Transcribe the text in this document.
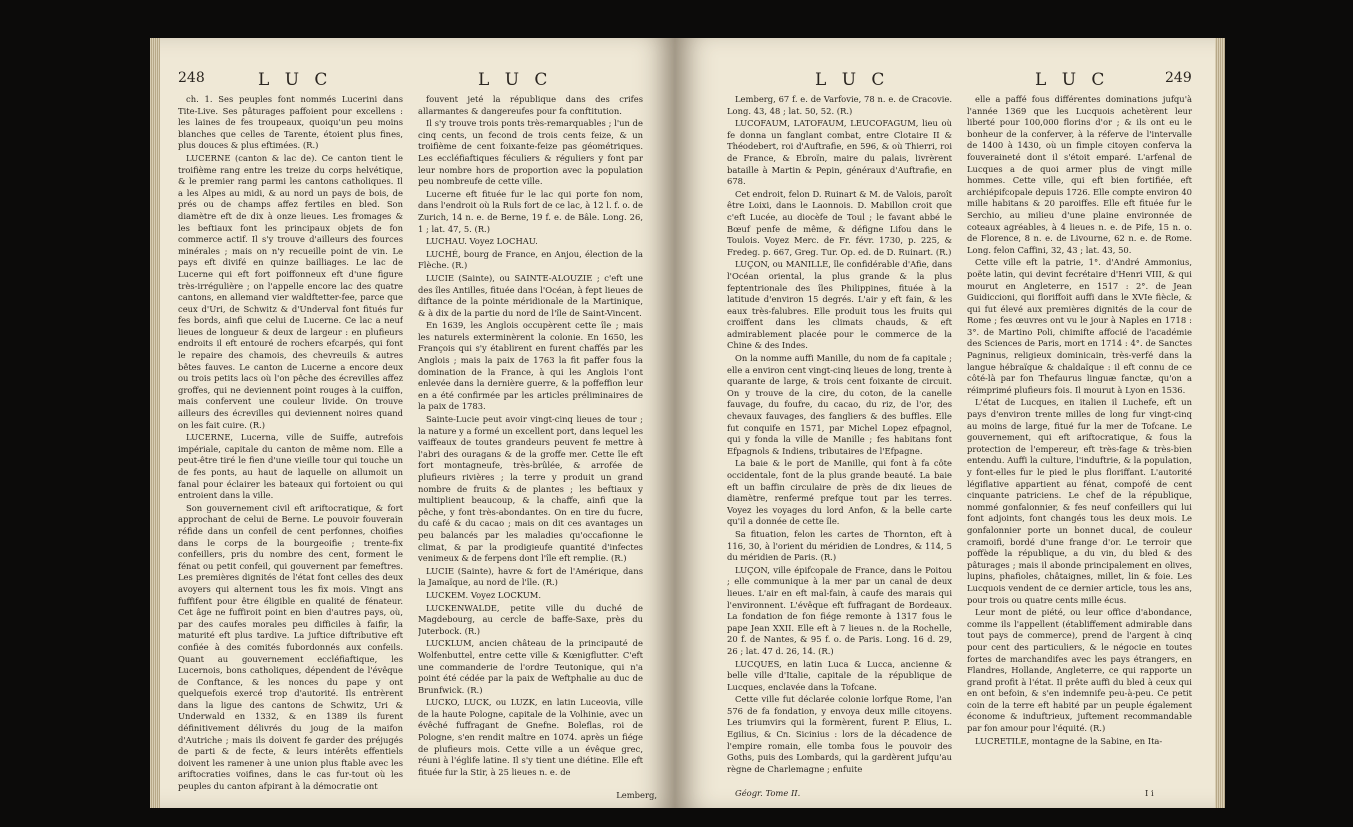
248	L U C	L U C

ch. 1. Ses peuples font nommés Lucerini dans Tite-Live. Ses pâturages paffoient pour excellens : les laines de fes troupeaux, quoiqu'un peu moins blanches que celles de Tarente, étoient plus fines, plus douces & plus eftimées. (R.)

LUCERNE (canton & lac de). Ce canton tient le troifième rang entre les treize du corps helvétique, & le premier rang parmi les cantons catholiques. Il a les Alpes au midi, & au nord un pays de bois, de prés ou de champs affez fertiles en bled. Son diamètre eft de dix à onze lieues. Les fromages & les beftiaux font les principaux objets de fon commerce actif. Il s'y trouve d'ailleurs des fources minérales ; mais on n'y recueille point de vin. Le pays eft divifé en quinze bailliages. Le lac de Lucerne qui eft fort poiffonneux eft d'une figure très-irrégulière ; on l'appelle encore lac des quatre cantons, en allemand vier waldftetter-fee, parce que ceux d'Uri, de Schwitz & d'Underval font fitués fur fes bords, ainfi que celui de Lucerne. Ce lac a neuf lieues de longueur & deux de largeur : en plufieurs endroits il eft entouré de rochers efcarpés, qui font le repaire des chamois, des chevreuils & autres bêtes fauves. Le canton de Lucerne a encore deux ou trois petits lacs où l'on pêche des écrevilles affez groffes, qui ne deviennent point rouges à la cuiffon, mais confervent une couleur livide. On trouve ailleurs des écrevilles qui deviennent noires quand on les fait cuire. (R.)

LUCERNE, Lucerna, ville de Suiffe, autrefois impériale, capitale du canton de même nom. Elle a peut-être tiré le fien d'une vieille tour qui touche un de fes ponts, au haut de laquelle on allumoit un fanal pour éclairer les bateaux qui fortoient ou qui entroient dans la ville.

Son gouvernement civil eft ariftocratique, & fort approchant de celui de Berne. Le pouvoir fouverain réfide dans un confeil de cent perfonnes, choifies dans le corps de la bourgeoifie ; trente-fix confeillers, pris du nombre des cent, forment le fénat ou petit confeil, qui gouvernent par femeftres. Les premières dignités de l'état font celles des deux avoyers qui alternent tous les fix mois. Vingt ans fuffifent pour être éligible en qualité de fénateur. Cet âge ne fuffiroit point en bien d'autres pays, où, par des caufes morales peu difficiles à faifir, la maturité eft plus tardive. La juftice diftributive eft confiée à des comités fubordonnés aux confeils. Quant au gouvernement eccléfiaftique, les Lucernois, bons catholiques, dépendent de l'évêque de Conftance, & les nonces du pape y ont quelquefois exercé trop d'autorité. Ils entrèrent dans la ligue des cantons de Schwitz, Uri & Underwald en 1332, & en 1389 ils furent définitivement délivrés du joug de la maifon d'Autriche ; mais ils doivent fe garder des préjugés de parti & de fecte, & leurs intérêts effentiels doivent les ramener à une union plus ftable avec les ariftocraties voifines, dans le cas fur-tout où les peuples du canton afpirant à la démocratie ont

fouvent jeté la république dans des crifes allarmantes & dangereufes pour fa conftitution.

Il s'y trouve trois ponts très-remarquables ; l'un de cinq cents, un fecond de trois cents feize, & un troifième de cent foixante-feize pas géométriques. Les eccléfiaftiques féculiers & réguliers y font par leur nombre hors de proportion avec la population peu nombreufe de cette ville.

Lucerne eft fituée fur le lac qui porte fon nom, dans l'endroit où la Ruls fort de ce lac, à 12 l. f. o. de Zurich, 14 n. e. de Berne, 19 f. e. de Bâle. Long. 26, 1 ; lat. 47, 5. (R.)

LUCHAU. Voyez LOCHAU.

LUCHÉ, bourg de France, en Anjou, élection de la Flèche. (R.)

LUCIE (Sainte), ou SAINTE-ALOUZIE ; c'eft une des îles Antilles, fituée dans l'Océan, à fept lieues de diftance de la pointe méridionale de la Martinique, & à dix de la partie du nord de l'île de Saint-Vincent.

En 1639, les Anglois occupèrent cette île ; mais les naturels exterminèrent la colonie. En 1650, les François qui s'y établirent en furent chaffés par les Anglois ; mais la paix de 1763 la fit paffer fous la domination de la France, à qui les Anglois l'ont enlevée dans la dernière guerre, & la poffeffion leur en a été confirmée par les articles préliminaires de la paix de 1783.

Sainte-Lucie peut avoir vingt-cinq lieues de tour ; la nature y a formé un excellent port, dans lequel les vaiffeaux de toutes grandeurs peuvent fe mettre à l'abri des ouragans & de la groffe mer. Cette île eft fort montagneufe, très-brûlée, & arrofée de plufieurs rivières ; la terre y produit un grand nombre de fruits & de plantes ; les beftiaux y multiplient beaucoup, & la chaffe, ainfi que la pêche, y font très-abondantes. On en tire du fucre, du café & du cacao ; mais on dit ces avantages un peu balancés par les maladies qu'occafionne le climat, & par la prodigieufe quantité d'infectes venimeux & de ferpens dont l'île eft remplie. (R.)

LUCIE (Sainte), havre & fort de l'Amérique, dans la Jamaïque, au nord de l'île. (R.)

LUCKEM. Voyez LOCKUM.

LUCKENWALDE, petite ville du duché de Magdebourg, au cercle de baffe-Saxe, près du Juterbock. (R.)

LUCKLUM, ancien château de la principauté de Wolfenbuttel, entre cette ville & Kœnigflutter. C'eft une commanderie de l'ordre Teutonique, qui n'a point été cédée par la paix de Weftphalie au duc de Brunfwick. (R.)

LUCKO, LUCK, ou LUZK, en latin Luceovia, ville de la haute Pologne, capitale de la Volhinie, avec un évêché fuffragant de Gnefne. Boleflas, roi de Pologne, s'en rendit maître en 1074. après un fiége de plufieurs mois. Cette ville a un évêque grec, réuni à l'églife latine. Il s'y tient une diétine. Elle eft fituée fur la Stir, à 25 lieues n. e. de

Lemberg,
L U C	L U C	249

Lemberg, 67 f. e. de Varfovie, 78 n. e. de Cracovie. Long. 43, 48 ; lat. 50, 52. (R.)

LUCOFAUM, LATOFAUM, LEUCOFAGUM, lieu où fe donna un fanglant combat, entre Clotaire II & Théodebert, roi d'Auftrafie, en 596, & où Thierri, roi de France, & Ebroïn, maire du palais, livrèrent bataille à Martin & Pepin, généraux d'Auftrafie, en 678.

Cet endroit, felon D. Ruinart & M. de Valois, paroît être Loixi, dans le Laonnois. D. Mabillon croit que c'eft Lucée, au diocèfe de Toul ; le favant abbé le Bœuf penfe de même, & défigne Lifou dans le Toulois. Voyez Merc. de Fr. févr. 1730, p. 225, & Fredeg. p. 667, Greg. Tur. Op. ed. de D. Ruinart. (R.)

LUÇON, ou MANILLE, île confidérable d'Afie, dans l'Océan oriental, la plus grande & la plus feptentrionale des îles Philippines, fituée à la latitude d'environ 15 degrés. L'air y eft fain, & les eaux très-falubres. Elle produit tous les fruits qui croiffent dans les climats chauds, & eft admirablement placée pour le commerce de la Chine & des Indes.

On la nomme auffi Manille, du nom de fa capitale ; elle a environ cent vingt-cinq lieues de long, trente à quarante de large, & trois cent foixante de circuit. On y trouve de la cire, du coton, de la canelle fauvage, du foufre, du cacao, du riz, de l'or, des chevaux fauvages, des fangliers & des buffles. Elle fut conquife en 1571, par Michel Lopez efpagnol, qui y fonda la ville de Manille ; fes habitans font Efpagnols & Indiens, tributaires de l'Efpagne.

La baie & le port de Manille, qui font à fa côte occidentale, font de la plus grande beauté. La baie eft un baffin circulaire de près de dix lieues de diamètre, renfermé prefque tout par les terres. Voyez les voyages du lord Anfon, & la belle carte qu'il a donnée de cette île.

Sa fituation, felon les cartes de Thornton, eft à 116, 30, à l'orient du méridien de Londres, & 114, 5 du méridien de Paris. (R.)

LUÇON, ville épifcopale de France, dans le Poitou ; elle communique à la mer par un canal de deux lieues. L'air en eft mal-fain, à caufe des marais qui l'environnent. L'évêque eft fuffragant de Bordeaux. La fondation de fon fiége remonte à 1317 fous le pape Jean XXII. Elle eft à 7 lieues n. de la Rochelle, 20 f. de Nantes, & 95 f. o. de Paris. Long. 16 d. 29, 26 ; lat. 47 d. 26, 14. (R.)

LUCQUES, en latin Luca & Lucca, ancienne & belle ville d'Italie, capitale de la république de Lucques, enclavée dans la Tofcane.

Cette ville fut déclarée colonie lorfque Rome, l'an 576 de fa fondation, y envoya deux mille citoyens. Les triumvirs qui la formèrent, furent P. Elius, L. Egilius, & Cn. Sicinius : lors de la décadence de l'empire romain, elle tomba fous le pouvoir des Goths, puis des Lombards, qui la gardèrent jufqu'au règne de Charlemagne ; enfuite

elle a paffé fous différentes dominations jufqu'à l'année 1369 que les Lucquois achetèrent leur liberté pour 100,000 florins d'or ; & ils ont eu le bonheur de la conferver, à la réferve de l'intervalle de 1400 à 1430, où un fimple citoyen conferva la fouveraineté dont il s'étoit emparé. L'arfenal de Lucques a de quoi armer plus de vingt mille hommes. Cette ville, qui eft bien fortifiée, eft archiépifcopale depuis 1726. Elle compte environ 40 mille habitans & 20 paroiffes. Elle eft fituée fur le Serchio, au milieu d'une plaine environnée de coteaux agréables, à 4 lieues n. e. de Pife, 15 n. o. de Florence, 8 n. e. de Livourne, 62 n. e. de Rome. Long. felon Caffini, 32, 43 ; lat. 43, 50.

Cette ville eft la patrie, 1°. d'André Ammonius, poëte latin, qui devint fecrétaire d'Henri VIII, & qui mourut en Angleterre, en 1517 : 2°. de Jean Guidiccioni, qui floriffoit auffi dans le XVIe fiècle, & qui fut élevé aux premières dignités de la cour de Rome ; fes œuvres ont vu le jour à Naples en 1718 : 3°. de Martino Poli, chimifte affocié de l'académie des Sciences de Paris, mort en 1714 : 4°. de Sanctes Pagninus, religieux dominicain, très-verfé dans la langue hébraïque & chaldaïque : il eft connu de ce côté-là par fon Thefaurus linguæ fanctæ, qu'on a réimprimé plufieurs fois. Il mourut à Lyon en 1536.

L'état de Lucques, en italien il Luchefe, eft un pays d'environ trente milles de long fur vingt-cinq au moins de large, fitué fur la mer de Tofcane. Le gouvernement, qui eft ariftocratique, & fous la protection de l'empereur, eft très-fage & très-bien entendu. Auffi la culture, l'induftrie, & la population, y font-elles fur le pied le plus floriffant. L'autorité légiflative appartient au fénat, compofé de cent cinquante patriciens. Le chef de la république, nommé gonfalonnier, & fes neuf confeillers qui lui font adjoints, font changés tous les deux mois. Le gonfalonnier porte un bonnet ducal, de couleur cramoifi, bordé d'une frange d'or. Le terroir que poffède la république, a du vin, du bled & des pâturages ; mais il abonde principalement en olives, lupins, phafioles, châtaignes, millet, lin & foie. Les Lucquois vendent de ce dernier article, tous les ans, pour trois ou quatre cents mille écus.

Leur mont de piété, ou leur office d'abondance, comme ils l'appellent (établiffement admirable dans tout pays de commerce), prend de l'argent à cinq pour cent des particuliers, & le négocie en toutes fortes de marchandifes avec les pays étrangers, en Flandres, Hollande, Angleterre, ce qui rapporte un grand profit à l'état. Il prête auffi du bled à ceux qui en ont befoin, & s'en indemnife peu-à-peu. Ce petit coin de la terre eft habité par un peuple également économe & induftrieux, juftement recommandable par fon amour pour l'équité. (R.)

LUCRETILE, montagne de la Sabine, en Ita-

Géogr. Tome II.	I i
